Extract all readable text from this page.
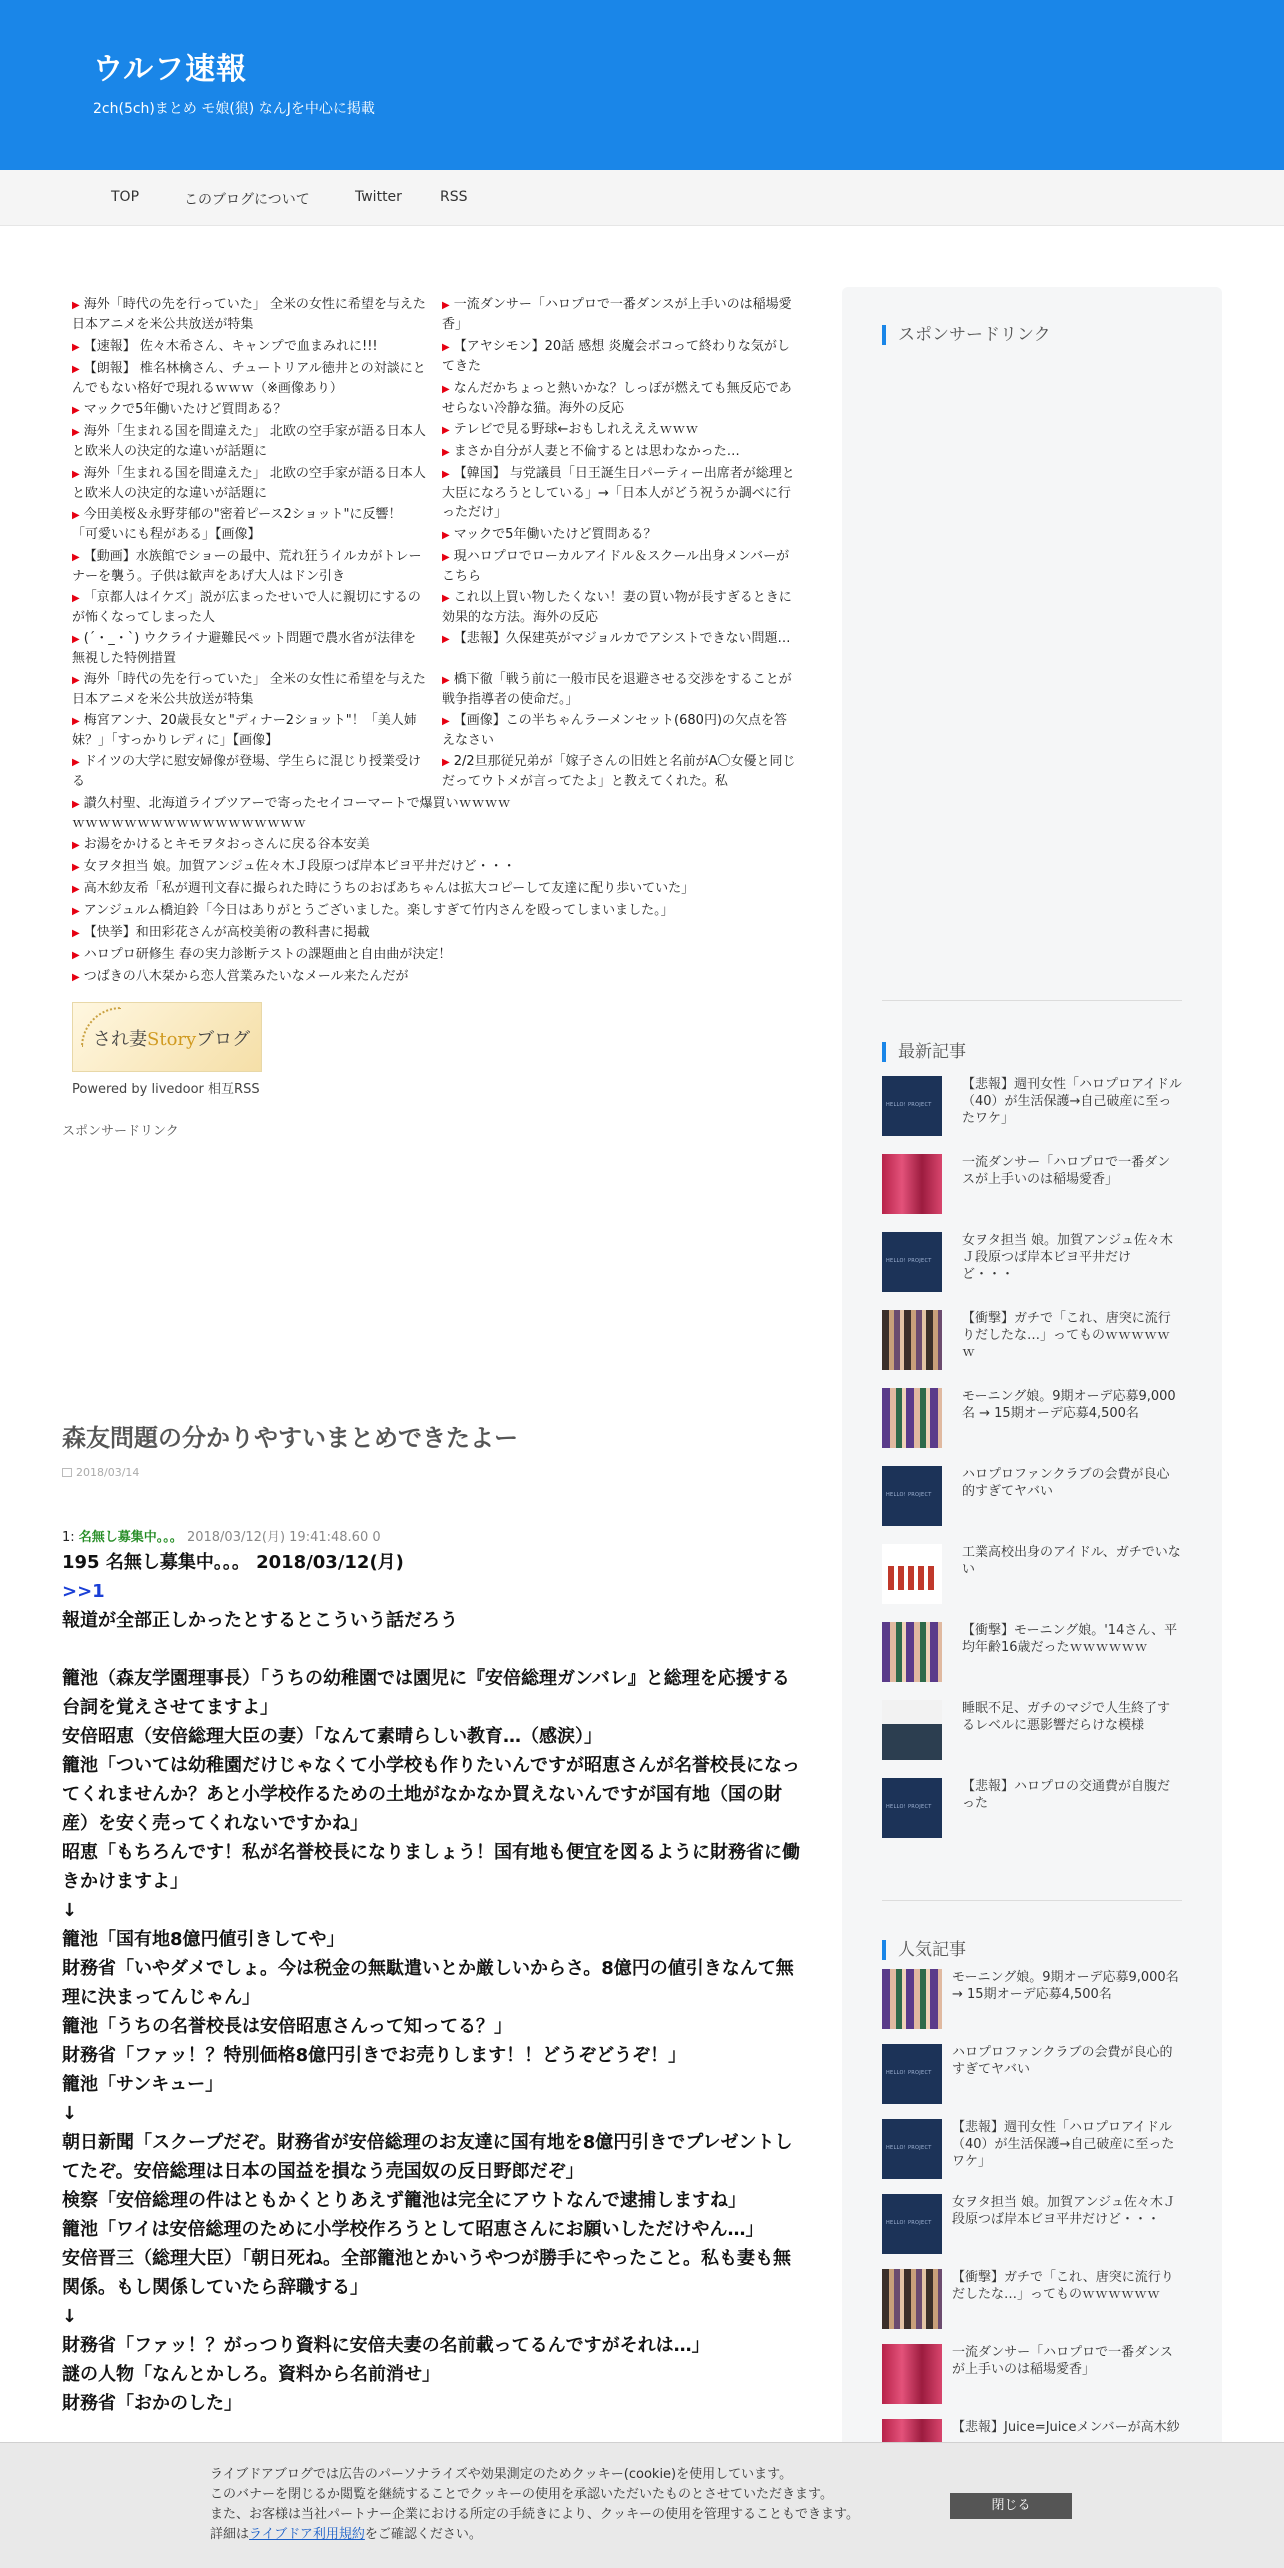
ウルフ速報
2ch(5ch)まとめ モ娘(狼) なんJを中心に掲載
TOP	このブログについて	Twitter	RSS
▶ 海外「時代の先を行っていた」 全米の女性に希望を与えた日本アニメを米公共放送が特集
▶ 【速報】 佐々木希さん、キャンプで血まみれに!!!
▶ 【朗報】 椎名林檎さん、チュートリアル徳井との対談にとんでもない格好で現れるｗｗｗ（※画像あり）
▶ マックで5年働いたけど質問ある？
▶ 海外「生まれる国を間違えた」 北欧の空手家が語る日本人と欧米人の決定的な違いが話題に
▶ 海外「生まれる国を間違えた」 北欧の空手家が語る日本人と欧米人の決定的な違いが話題に
▶ 今田美桜＆永野芽郁の"密着ピース2ショット"に反響！「可愛いにも程がある」【画像】
▶ 【動画】水族館でショーの最中、荒れ狂うイルカがトレーナーを襲う。子供は歓声をあげ大人はドン引き
▶ 「京都人はイケズ」説が広まったせいで人に親切にするのが怖くなってしまった人
▶ (´・_・`) ウクライナ避難民ペット問題で農水省が法律を無視した特例措置
▶ 海外「時代の先を行っていた」 全米の女性に希望を与えた日本アニメを米公共放送が特集
▶ 梅宮アンナ、20歳長女と"ディナー2ショット"！「美人姉妹？」「すっかりレディに」【画像】
▶ ドイツの大学に慰安婦像が登場、学生らに混じり授業受ける
▶ 讃久村聖、北海道ライブツアーで寄ったセイコーマートで爆買いｗｗｗｗｗｗｗｗｗｗｗｗｗｗｗｗｗｗｗｗｗｗ
▶ お湯をかけるとキモヲタおっさんに戻る谷本安美
▶ 女ヲタ担当 娘。加賀アンジュ佐々木Ｊ段原つば岸本ビヨ平井だけど・・・
▶ 高木紗友希「私が週刊文春に撮られた時にうちのおばあちゃんは拡大コピーして友達に配り歩いていた」
▶ アンジュルム橋迫鈴「今日はありがとうございました。楽しすぎて竹内さんを殴ってしまいました。」
▶ 【快挙】和田彩花さんが高校美術の教科書に掲載
▶ ハロプロ研修生 春の実力診断テストの課題曲と自由曲が決定！
▶ つばきの八木栞から恋人営業みたいなメール来たんだが
▶ 一流ダンサー「ハロプロで一番ダンスが上手いのは稲場愛香」
▶ 【アヤシモン】20話 感想 炎魔会ボコって終わりな気がしてきた
▶ なんだかちょっと熱いかな？しっぽが燃えても無反応であせらない冷静な猫。海外の反応
▶ テレビで見る野球←おもしれえええｗｗｗ
▶ まさか自分が人妻と不倫するとは思わなかった…
▶ 【韓国】 与党議員「日王誕生日パーティー出席者が総理と大臣になろうとしている」→「日本人がどう祝うか調べに行っただけ」
▶ マックで5年働いたけど質問ある？
▶ 現ハロプロでローカルアイドル＆スクール出身メンバーがこちら
▶ これ以上買い物したくない！妻の買い物が長すぎるときに効果的な方法。海外の反応
▶ 【悲報】久保建英がマジョルカでアシストできない問題…
▶ 橋下徹「戦う前に一般市民を退避させる交渉をすることが戦争指導者の使命だ。」
▶ 【画像】この半ちゃんラーメンセット(680円)の欠点を答えなさい
▶ 2/2旦那従兄弟が「嫁子さんの旧姓と名前がA〇女優と同じだってウトメが言ってたよ」と教えてくれた。私
され妻Storyブログ
Powered by livedoor 相互RSS
スポンサードリンク
森友問題の分かりやすいまとめできたよー
2018/03/14
1: 名無し募集中。。。 2018/03/12(月) 19:41:48.60 0
195 名無し募集中。。。 2018/03/12(月)
>>1
報道が全部正しかったとするとこういう話だろう

籠池（森友学園理事長）「うちの幼稚園では園児に『安倍総理ガンバレ』と総理を応援する台詞を覚えさせてますよ」
安倍昭恵（安倍総理大臣の妻）「なんて素晴らしい教育…（感涙）」
籠池「ついては幼稚園だけじゃなくて小学校も作りたいんですが昭恵さんが名誉校長になってくれませんか？あと小学校作るための土地がなかなか買えないんですが国有地（国の財産）を安く売ってくれないですかね」
昭恵「もちろんです！私が名誉校長になりましょう！国有地も便宜を図るように財務省に働きかけますよ」
↓
籠池「国有地8億円値引きしてや」
財務省「いやダメでしょ。今は税金の無駄遣いとか厳しいからさ。8億円の値引きなんて無理に決まってんじゃん」
籠池「うちの名誉校長は安倍昭恵さんって知ってる？」
財務省「ファッ！？特別価格8億円引きでお売りします！！どうぞどうぞ！」
籠池「サンキュー」
↓
朝日新聞「スクープだぞ。財務省が安倍総理のお友達に国有地を8億円引きでプレゼントしてたぞ。安倍総理は日本の国益を損なう売国奴の反日野郎だぞ」
検察「安倍総理の件はともかくとりあえず籠池は完全にアウトなんで逮捕しますね」
籠池「ワイは安倍総理のために小学校作ろうとして昭恵さんにお願いしただけやん…」
安倍晋三（総理大臣）「朝日死ね。全部籠池とかいうやつが勝手にやったこと。私も妻も無関係。もし関係していたら辞職する」
↓
財務省「ファッ！？がっつり資料に安倍夫妻の名前載ってるんですがそれは…」
謎の人物「なんとかしろ。資料から名前消せ」
財務省「おかのした」
スポンサードリンク
最新記事
HELLO! PROJECT
【悲報】週刊女性「ハロプロアイドル（40）が生活保護→自己破産に至ったワケ」
一流ダンサー「ハロプロで一番ダンスが上手いのは稲場愛香」
HELLO! PROJECT
女ヲタ担当 娘。加賀アンジュ佐々木Ｊ段原つば岸本ビヨ平井だけど・・・
【衝撃】ガチで「これ、唐突に流行りだしたな…」ってものｗｗｗｗｗｗ
モーニング娘。9期オーデ応募9,000名 → 15期オーデ応募4,500名
HELLO! PROJECT
ハロプロファンクラブの会費が良心的すぎてヤバい
工業高校出身のアイドル、ガチでいない
【衝撃】モーニング娘。'14さん、平均年齢16歳だったｗｗｗｗｗｗ
睡眠不足、ガチのマジで人生終了するレベルに悪影響だらけな模様
HELLO! PROJECT
【悲報】ハロプロの交通費が自腹だった
人気記事
モーニング娘。9期オーデ応募9,000名 → 15期オーデ応募4,500名
HELLO! PROJECT
ハロプロファンクラブの会費が良心的すぎてヤバい
HELLO! PROJECT
【悲報】週刊女性「ハロプロアイドル（40）が生活保護→自己破産に至ったワケ」
HELLO! PROJECT
女ヲタ担当 娘。加賀アンジュ佐々木Ｊ段原つば岸本ビヨ平井だけど・・・
【衝撃】ガチで「これ、唐突に流行りだしたな…」ってものｗｗｗｗｗｗ
一流ダンサー「ハロプロで一番ダンスが上手いのは稲場愛香」
【悲報】Juice=Juiceメンバーが高木紗
ライブドアブログでは広告のパーソナライズや効果測定のためクッキー(cookie)を使用しています。
このバナーを閉じるか閲覧を継続することでクッキーの使用を承認いただいたものとさせていただきます。
また、お客様は当社パートナー企業における所定の手続きにより、クッキーの使用を管理することもできます。
詳細はライブドア利用規約をご確認ください。
閉じる
